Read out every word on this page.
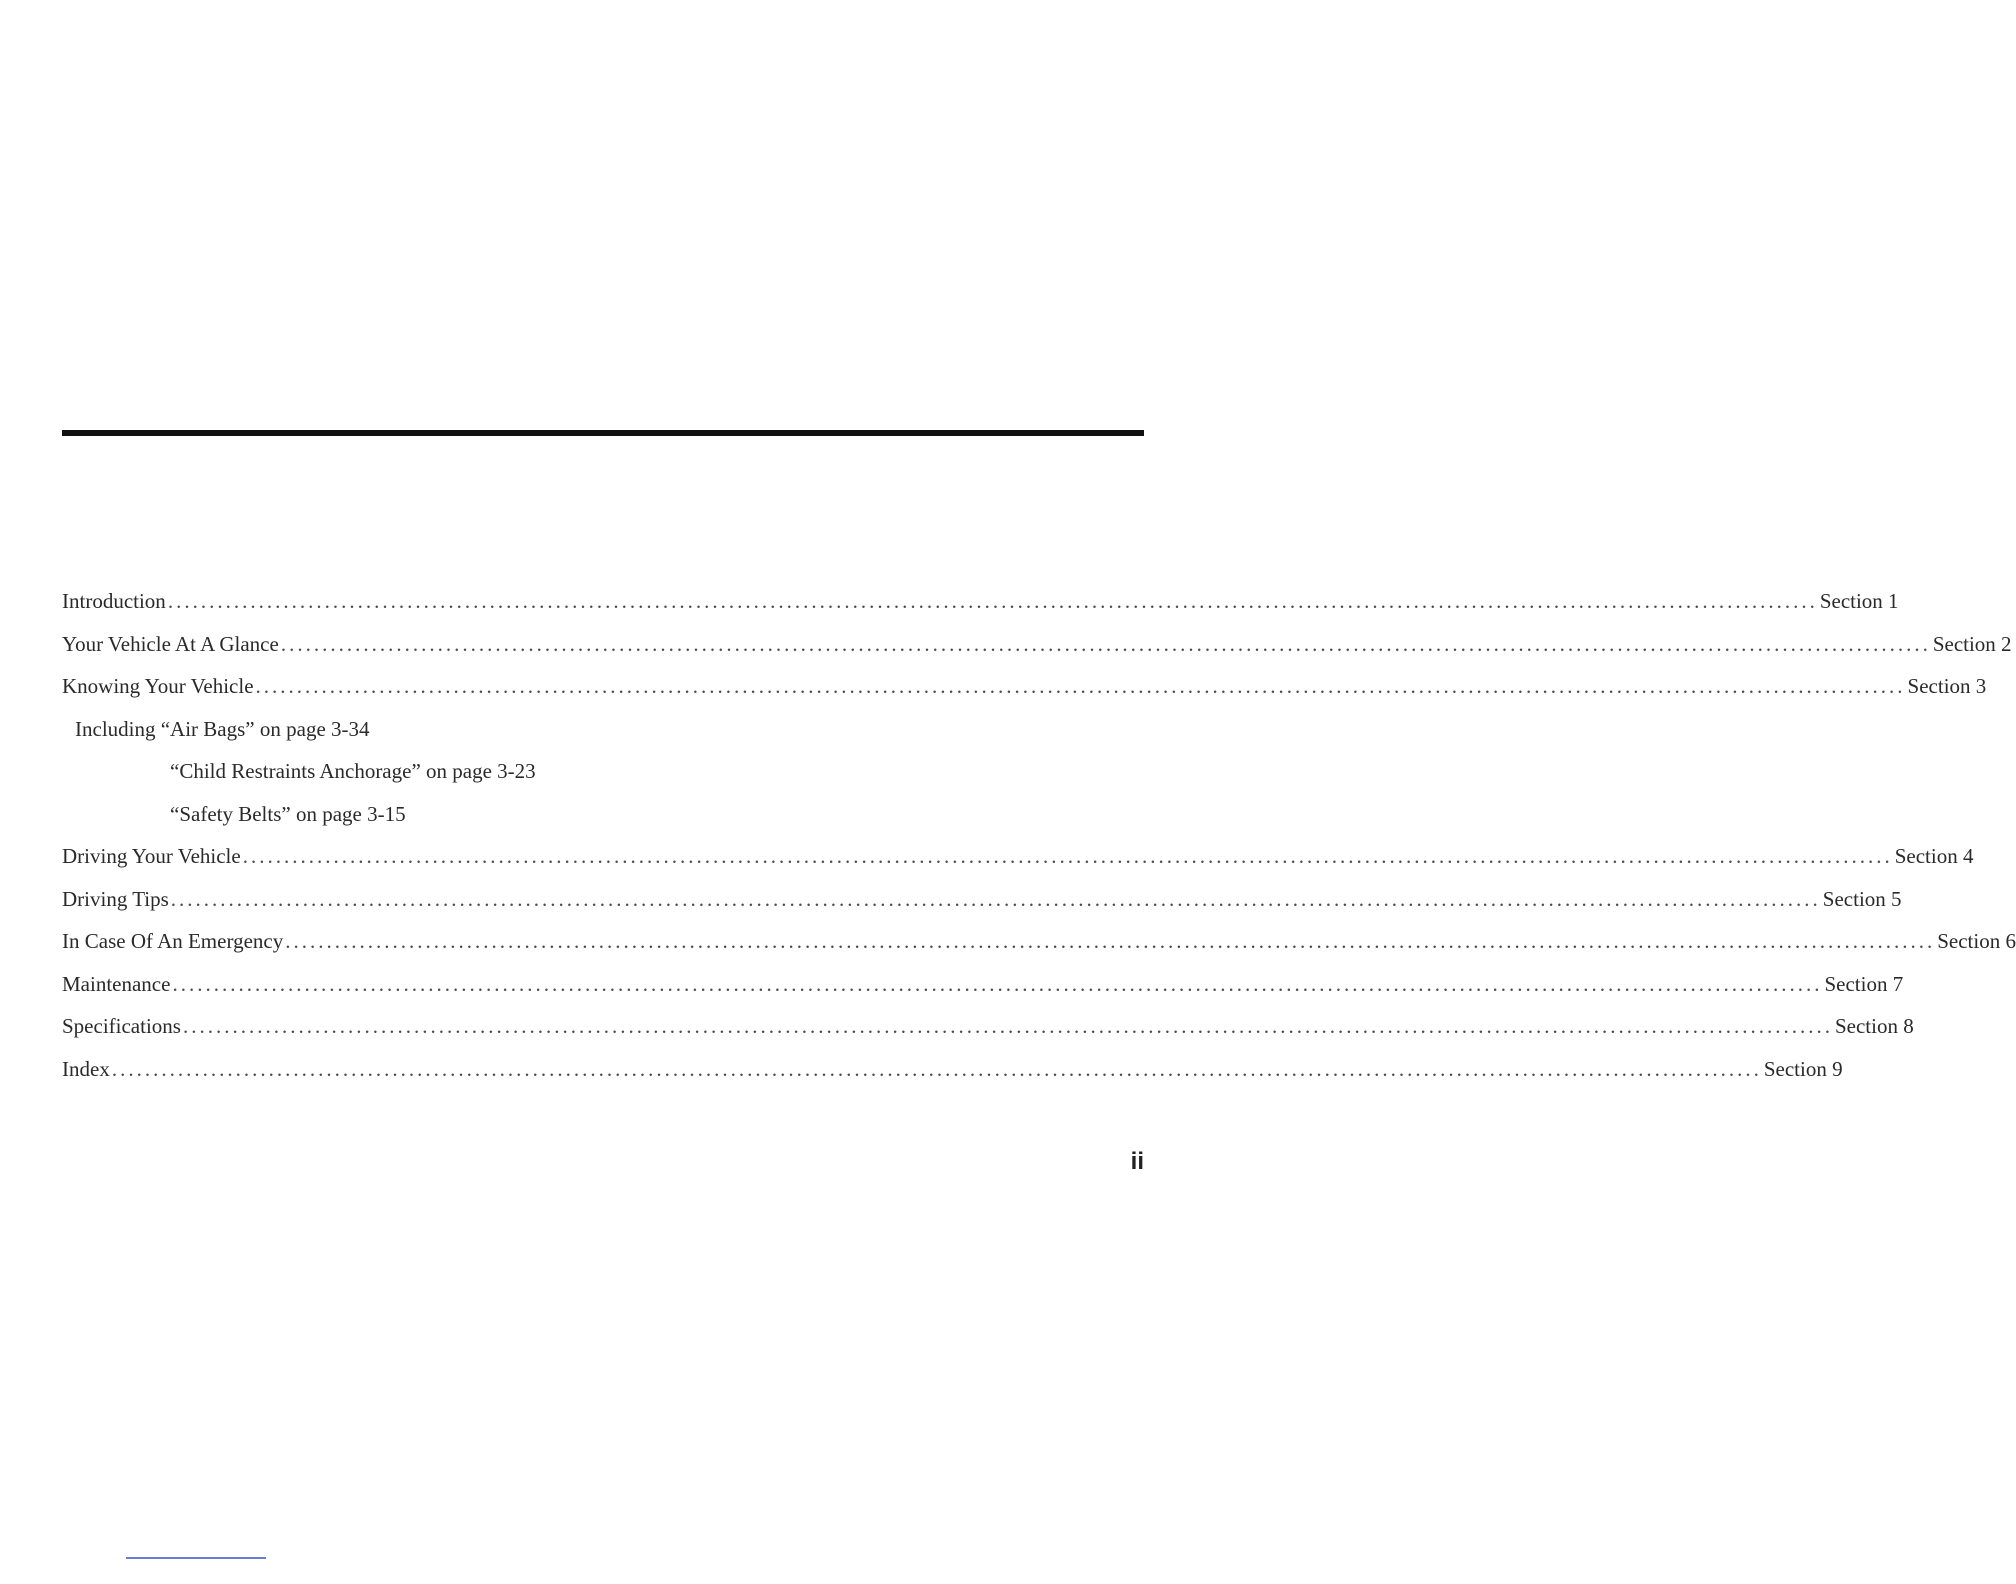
Introduction ........................................................................................................................................................................................................ Section 1
Your Vehicle At A Glance ........................................................................................................................................................................................................ Section 2
Knowing Your Vehicle ........................................................................................................................................................................................................ Section 3
Including “Air Bags” on page 3-34
“Child Restraints Anchorage” on page 3-23
“Safety Belts” on page 3-15
Driving Your Vehicle ........................................................................................................................................................................................................ Section 4
Driving Tips ........................................................................................................................................................................................................ Section 5
In Case Of An Emergency ........................................................................................................................................................................................................ Section 6
Maintenance ........................................................................................................................................................................................................ Section 7
Specifications ........................................................................................................................................................................................................ Section 8
Index ........................................................................................................................................................................................................ Section 9
ii
